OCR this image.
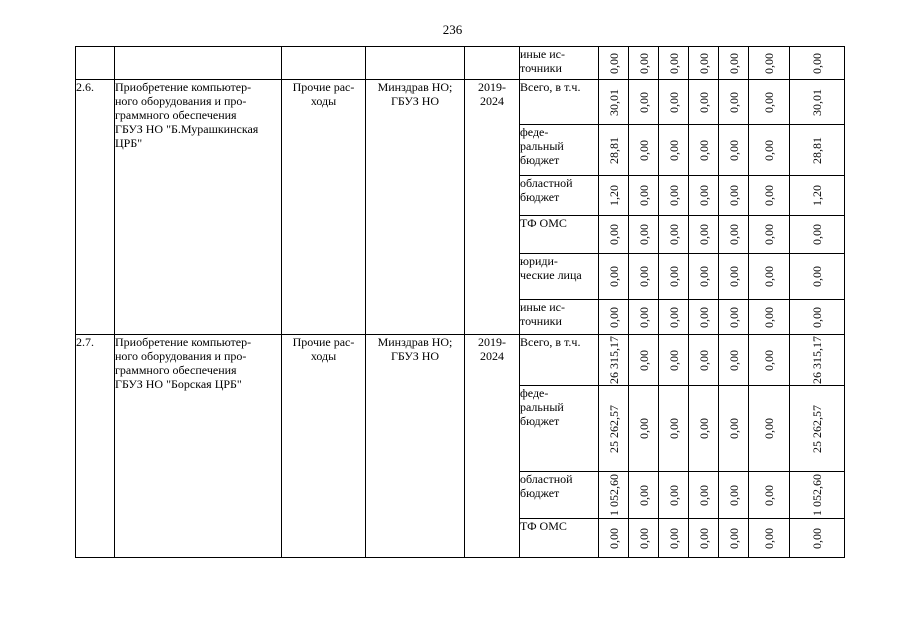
236
					иные ис-
точники	0,00	0,00	0,00	0,00	0,00	0,00	0,00

2.6.	Приобретение компьютер-
ного оборудования и про-
граммного обеспечения
ГБУЗ НО "Б.Мурашкинская
ЦРБ"	Прочие рас-
ходы	Минздрав НО;
ГБУЗ НО	2019-
2024	Всего, в т.ч.	30,01	0,00	0,00	0,00	0,00	0,00	30,01

					феде-
ральный
бюджет	28,81	0,00	0,00	0,00	0,00	0,00	28,81

					областной
бюджет	1,20	0,00	0,00	0,00	0,00	0,00	1,20

					ТФ ОМС	0,00	0,00	0,00	0,00	0,00	0,00	0,00

					юриди-
ческие лица	0,00	0,00	0,00	0,00	0,00	0,00	0,00

					иные ис-
точники	0,00	0,00	0,00	0,00	0,00	0,00	0,00

2.7.	Приобретение компьютер-
ного оборудования и про-
граммного обеспечения
ГБУЗ НО "Борская ЦРБ"	Прочие рас-
ходы	Минздрав НО;
ГБУЗ НО	2019-
2024	Всего, в т.ч.	26 315,17	0,00	0,00	0,00	0,00	0,00	26 315,17

					феде-
ральный
бюджет	25 262,57	0,00	0,00	0,00	0,00	0,00	25 262,57

					областной
бюджет	1 052,60	0,00	0,00	0,00	0,00	0,00	1 052,60

					ТФ ОМС	0,00	0,00	0,00	0,00	0,00	0,00	0,00
